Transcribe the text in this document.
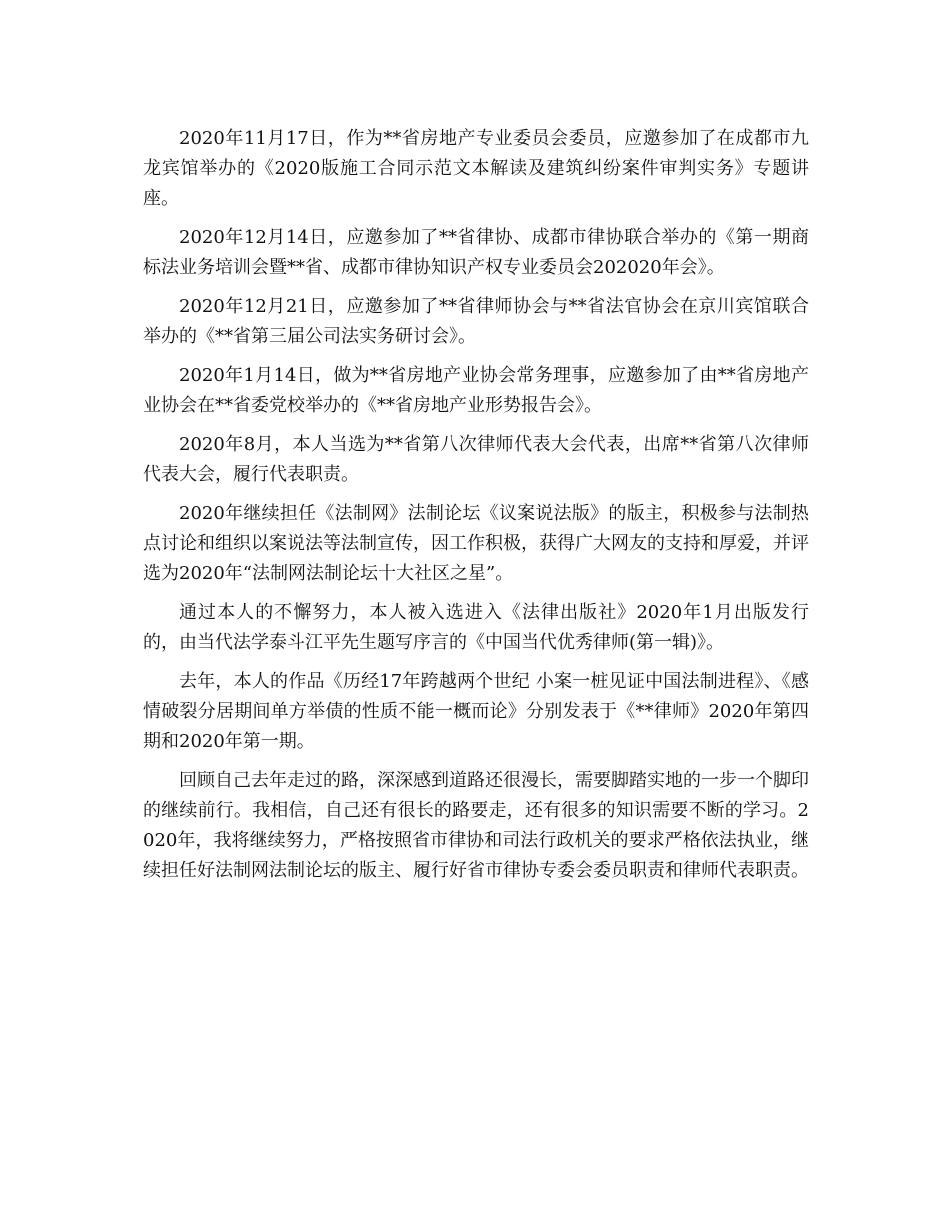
2020年11月17日，作为**省房地产专业委员会委员，应邀参加了在成都市九龙宾馆举办的《2020版施工合同示范文本解读及建筑纠纷案件审判实务》专题讲座。

2020年12月14日，应邀参加了**省律协、成都市律协联合举办的《第一期商标法业务培训会暨**省、成都市律协知识产权专业委员会202020年会》。

2020年12月21日，应邀参加了**省律师协会与**省法官协会在京川宾馆联合举办的《**省第三届公司法实务研讨会》。

2020年1月14日，做为**省房地产业协会常务理事，应邀参加了由**省房地产业协会在**省委党校举办的《**省房地产业形势报告会》。

2020年8月，本人当选为**省第八次律师代表大会代表，出席**省第八次律师代表大会，履行代表职责。

2020年继续担任《法制网》法制论坛《议案说法版》的版主，积极参与法制热点讨论和组织以案说法等法制宣传，因工作积极，获得广大网友的支持和厚爱，并评选为2020年“法制网法制论坛十大社区之星”。

通过本人的不懈努力，本人被入选进入《法律出版社》2020年1月出版发行的，由当代法学泰斗江平先生题写序言的《中国当代优秀律师(第一辑)》。

去年，本人的作品《历经17年跨越两个世纪 小案一桩见证中国法制进程》、《感情破裂分居期间单方举债的性质不能一概而论》分别发表于《**律师》2020年第四期和2020年第一期。

回顾自己去年走过的路，深深感到道路还很漫长，需要脚踏实地的一步一个脚印的继续前行。我相信，自己还有很长的路要走，还有很多的知识需要不断的学习。2020年，我将继续努力，严格按照省市律协和司法行政机关的要求严格依法执业，继续担任好法制网法制论坛的版主、履行好省市律协专委会委员职责和律师代表职责。
